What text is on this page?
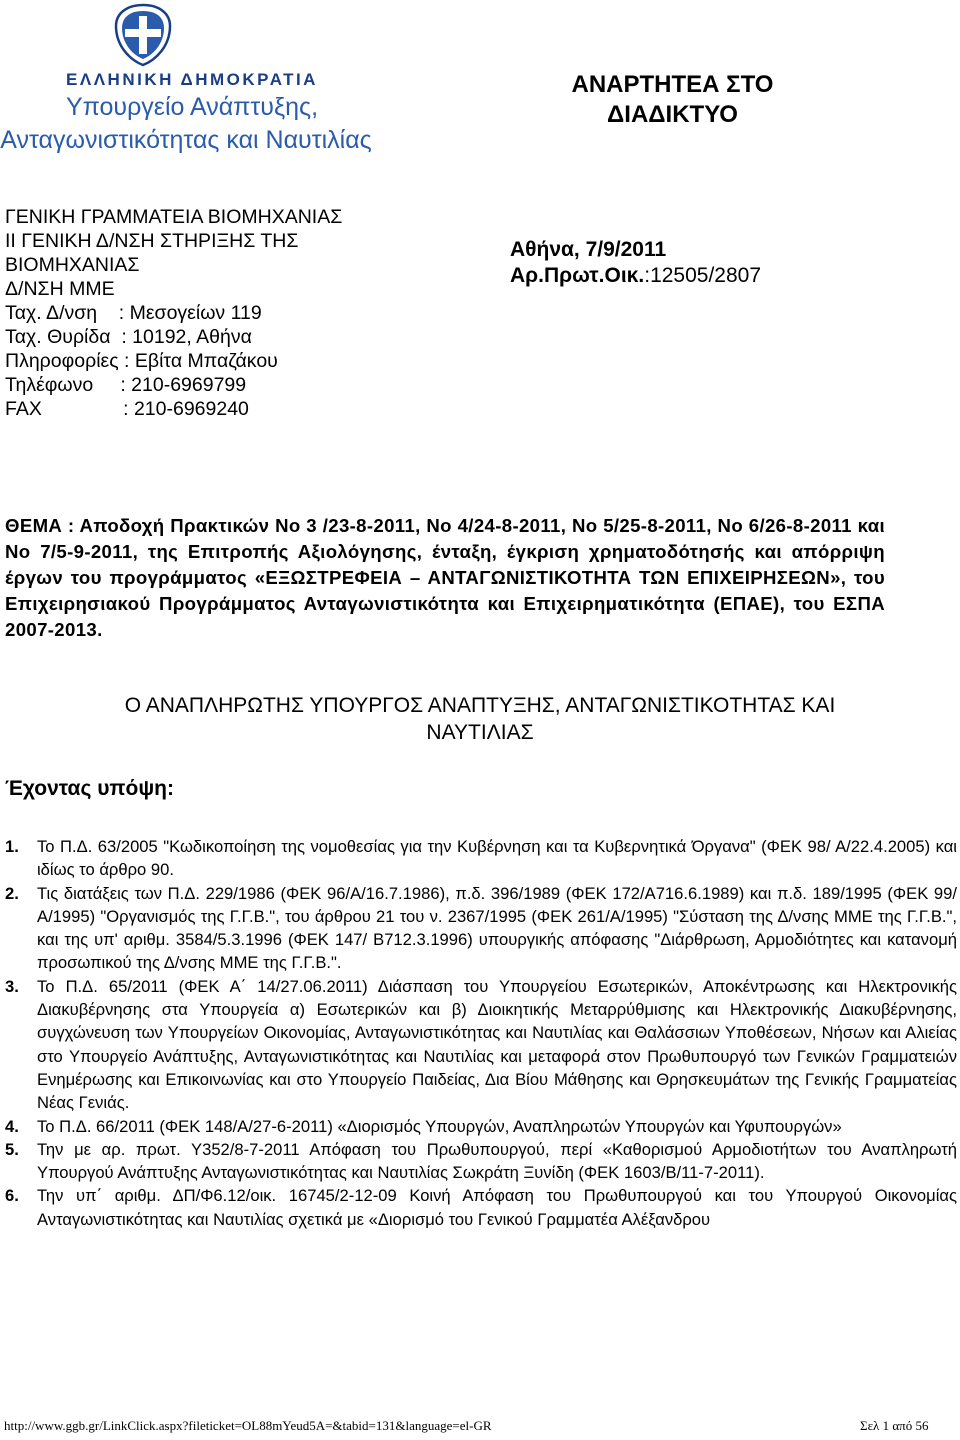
ΕΛΛΗΝΙΚΗ ΔΗΜΟΚΡΑΤΙΑ
Υπουργείο Ανάπτυξης,
Ανταγωνιστικότητας και Ναυτιλίας
ΑΝΑΡΤΗΤΕΑ ΣΤΟ
ΔΙΑΔΙΚΤΥΟ
ΓΕΝΙΚΗ ΓΡΑΜΜΑΤΕΙΑ ΒΙΟΜΗΧΑΝΙΑΣ
ΙΙ ΓΕΝΙΚΗ Δ/ΝΣΗ ΣΤΗΡΙΞΗΣ ΤΗΣ
ΒΙΟΜΗΧΑΝΙΑΣ
Δ/ΝΣΗ ΜΜΕ
Ταχ. Δ/νση    : Μεσογείων 119
Ταχ. Θυρίδα  : 10192, Αθήνα
Πληροφορίες : Εβίτα Μπαζάκου
Τηλέφωνο     : 210-6969799
FAX               : 210-6969240
Αθήνα, 7/9/2011
Αρ.Πρωτ.Οικ.:12505/2807
ΘΕΜΑ : Αποδοχή Πρακτικών Νο 3 /23-8-2011, Νο 4/24-8-2011, Νο 5/25-8-2011, Νο 6/26-8-2011 και Νο 7/5-9-2011, της Επιτροπής Αξιολόγησης, ένταξη, έγκριση χρηματοδότησής και απόρριψη έργων του προγράμματος «ΕΞΩΣΤΡΕΦΕΙΑ – ΑΝΤΑΓΩΝΙΣΤΙΚΟΤΗΤΑ ΤΩΝ ΕΠΙΧΕΙΡΗΣΕΩΝ», του Επιχειρησιακού Προγράμματος Ανταγωνιστικότητα και Επιχειρηματικότητα (ΕΠΑΕ), του ΕΣΠΑ 2007-2013.
Ο ΑΝΑΠΛΗΡΩΤΗΣ ΥΠΟΥΡΓΟΣ ΑΝΑΠΤΥΞΗΣ, ΑΝΤΑΓΩΝΙΣΤΙΚΟΤΗΤΑΣ ΚΑΙ
ΝΑΥΤΙΛΙΑΣ
Έχοντας υπόψη:
1. Το Π.Δ. 63/2005 "Κωδικοποίηση της νομοθεσίας για την Κυβέρνηση και τα Κυβερνητικά Όργανα" (ΦΕΚ 98/ Α/22.4.2005) και ιδίως το άρθρο 90.
2. Τις διατάξεις των Π.Δ. 229/1986 (ΦΕΚ 96/Α/16.7.1986), π.δ. 396/1989 (ΦΕΚ 172/Α716.6.1989) και π.δ. 189/1995 (ΦΕΚ 99/Α/1995) "Οργανισμός της Γ.Γ.Β.", του άρθρου 21 του ν. 2367/1995 (ΦΕΚ 261/Α/1995) "Σύσταση της Δ/νσης ΜΜΕ της Γ.Γ.Β.", και της υπ' αριθμ. 3584/5.3.1996 (ΦΕΚ 147/ Β712.3.1996) υπουργικής απόφασης "Διάρθρωση, Αρμοδιότητες και κατανομή προσωπικού της Δ/νσης ΜΜΕ της Γ.Γ.Β.".
3. Το Π.Δ. 65/2011 (ΦΕΚ Α΄ 14/27.06.2011) Διάσπαση του Υπουργείου Εσωτερικών, Αποκέντρωσης και Ηλεκτρονικής Διακυβέρνησης στα Υπουργεία α) Εσωτερικών και β) Διοικητικής Μεταρρύθμισης και Ηλεκτρονικής Διακυβέρνησης, συγχώνευση των Υπουργείων Οικονομίας, Ανταγωνιστικότητας και Ναυτιλίας και Θαλάσσιων Υποθέσεων, Νήσων και Αλιείας στο Υπουργείο Ανάπτυξης, Ανταγωνιστικότητας και Ναυτιλίας και μεταφορά στον Πρωθυπουργό των Γενικών Γραμματειών Ενημέρωσης και Επικοινωνίας και στο Υπουργείο Παιδείας, Δια Βίου Μάθησης και Θρησκευμάτων της Γενικής Γραμματείας Νέας Γενιάς.
4. Το Π.Δ. 66/2011 (ΦΕΚ 148/Α/27-6-2011) «Διορισμός Υπουργών, Αναπληρωτών Υπουργών και Υφυπουργών»
5. Την με αρ. πρωτ. Υ352/8-7-2011 Απόφαση του Πρωθυπουργού, περί «Καθορισμού Αρμοδιοτήτων του Αναπληρωτή Υπουργού Ανάπτυξης Ανταγωνιστικότητας και Ναυτιλίας Σωκράτη Ξυνίδη (ΦΕΚ 1603/Β/11-7-2011).
6. Την υπ΄ αριθμ. ΔΠ/Φ6.12/οικ. 16745/2-12-09 Κοινή Απόφαση του Πρωθυπουργού και του Υπουργού Οικονομίας Ανταγωνιστικότητας και Ναυτιλίας σχετικά με «Διορισμό του Γενικού Γραμματέα Αλέξανδρου
http://www.ggb.gr/LinkClick.aspx?fileticket=OL88mYeud5A=&tabid=131&language=el-GR	Σελ 1 από 56
